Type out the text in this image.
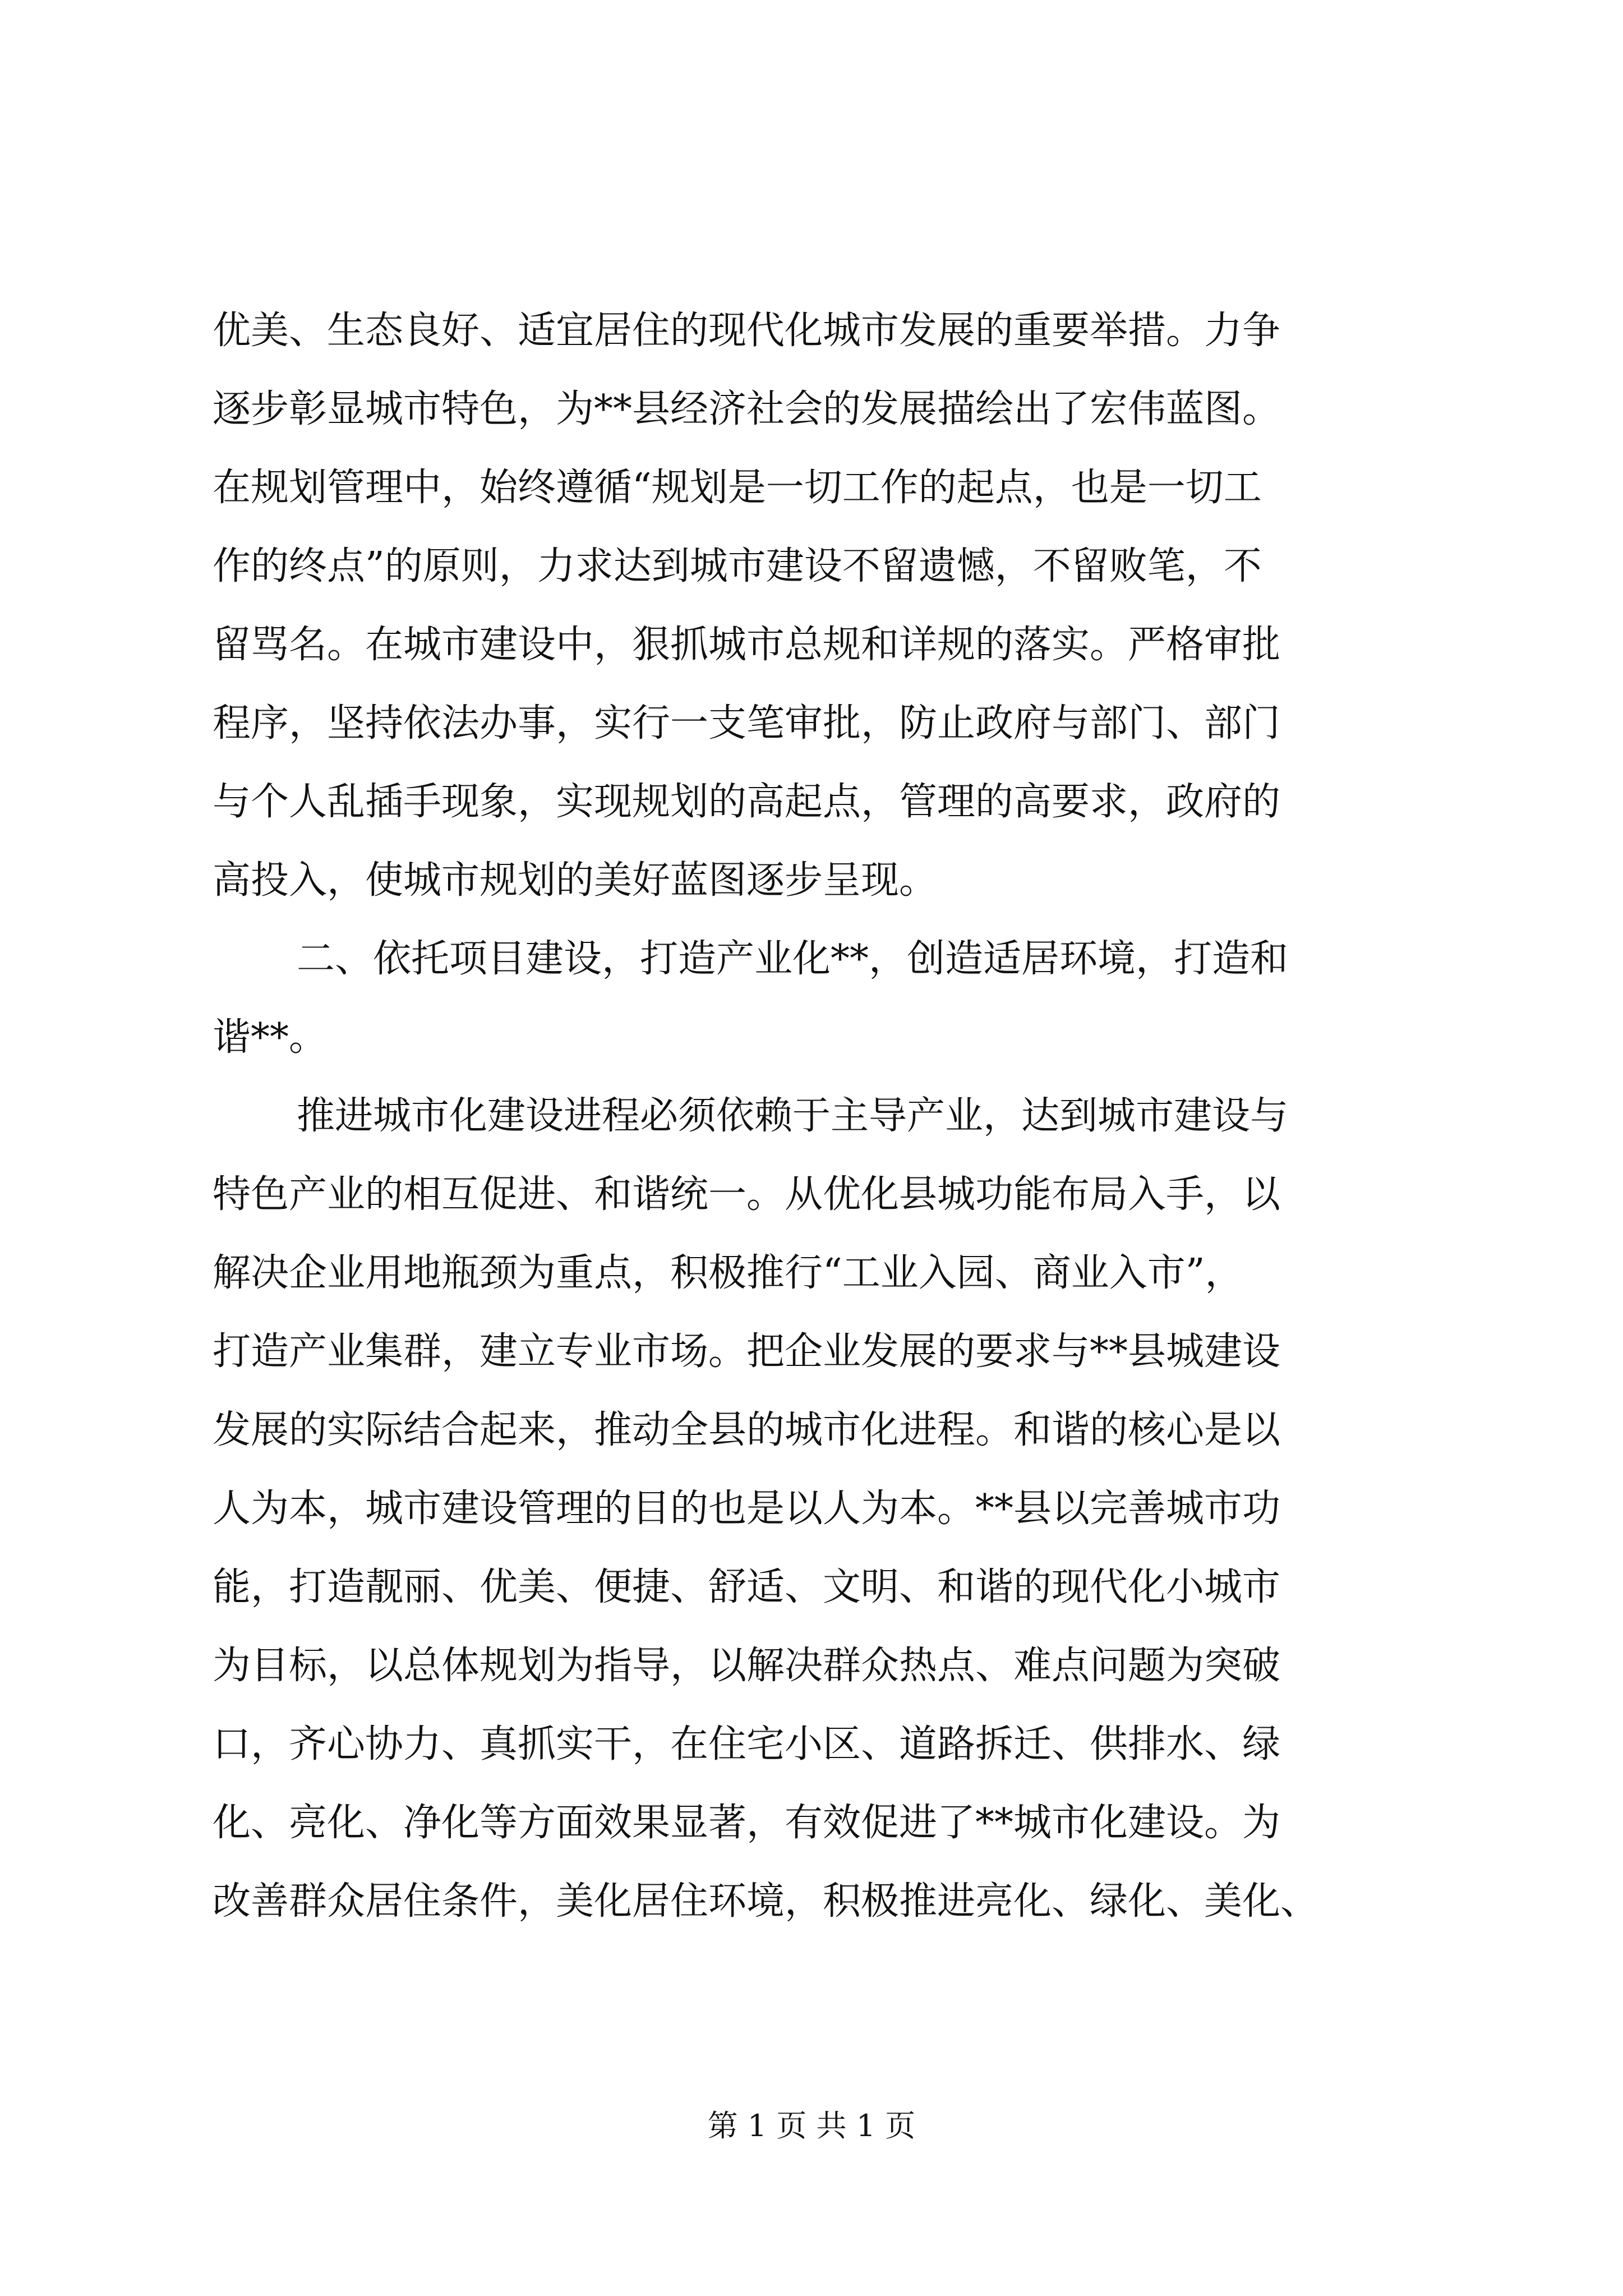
优美、生态良好、适宜居住的现代化城市发展的重要举措。力争
逐步彰显城市特色，为**县经济社会的发展描绘出了宏伟蓝图。
在规划管理中，始终遵循“规划是一切工作的起点，也是一切工
作的终点”的原则，力求达到城市建设不留遗憾，不留败笔，不
留骂名。在城市建设中，狠抓城市总规和详规的落实。严格审批
程序，坚持依法办事，实行一支笔审批，防止政府与部门、部门
与个人乱插手现象，实现规划的高起点，管理的高要求，政府的
高投入，使城市规划的美好蓝图逐步呈现。
二、依托项目建设，打造产业化**，创造适居环境，打造和
谐**。
推进城市化建设进程必须依赖于主导产业，达到城市建设与
特色产业的相互促进、和谐统一。从优化县城功能布局入手，以
解决企业用地瓶颈为重点，积极推行“工业入园、商业入市”，
打造产业集群，建立专业市场。把企业发展的要求与**县城建设
发展的实际结合起来，推动全县的城市化进程。和谐的核心是以
人为本，城市建设管理的目的也是以人为本。**县以完善城市功
能，打造靓丽、优美、便捷、舒适、文明、和谐的现代化小城市
为目标，以总体规划为指导，以解决群众热点、难点问题为突破
口，齐心协力、真抓实干，在住宅小区、道路拆迁、供排水、绿
化、亮化、净化等方面效果显著，有效促进了**城市化建设。为
改善群众居住条件，美化居住环境，积极推进亮化、绿化、美化、
第 1 页 共 1 页
